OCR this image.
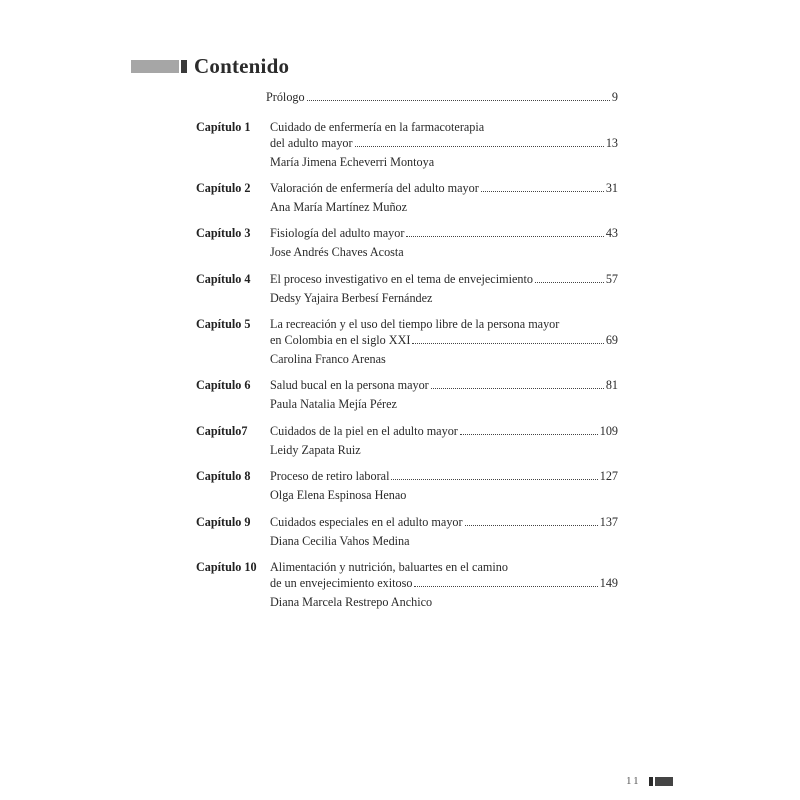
Contenido
Prólogo	9
Capítulo 1 Cuidado de enfermería en la farmacoterapia
del adulto mayor	13
María Jimena Echeverri Montoya
Capítulo 2 Valoración de enfermería del adulto mayor	31
Ana María Martínez Muñoz
Capítulo 3 Fisiología del adulto mayor	43
Jose Andrés Chaves Acosta
Capítulo 4 El proceso investigativo en el tema de envejecimiento	57
Dedsy Yajaira Berbesí Fernández
Capítulo 5 La recreación y el uso del tiempo libre de la persona mayor
en Colombia en el siglo XXI	69
Carolina Franco Arenas
Capítulo 6 Salud bucal en la persona mayor	81
Paula Natalia Mejía Pérez
Capítulo7 Cuidados de la piel en el adulto mayor	109
Leidy Zapata Ruiz
Capítulo 8 Proceso de retiro laboral	127
Olga Elena Espinosa Henao
Capítulo 9 Cuidados especiales en el adulto mayor	137
Diana Cecilia Vahos Medina
Capítulo 10 Alimentación y nutrición, baluartes en el camino
de un envejecimiento exitoso	149
Diana Marcela Restrepo Anchico
11
